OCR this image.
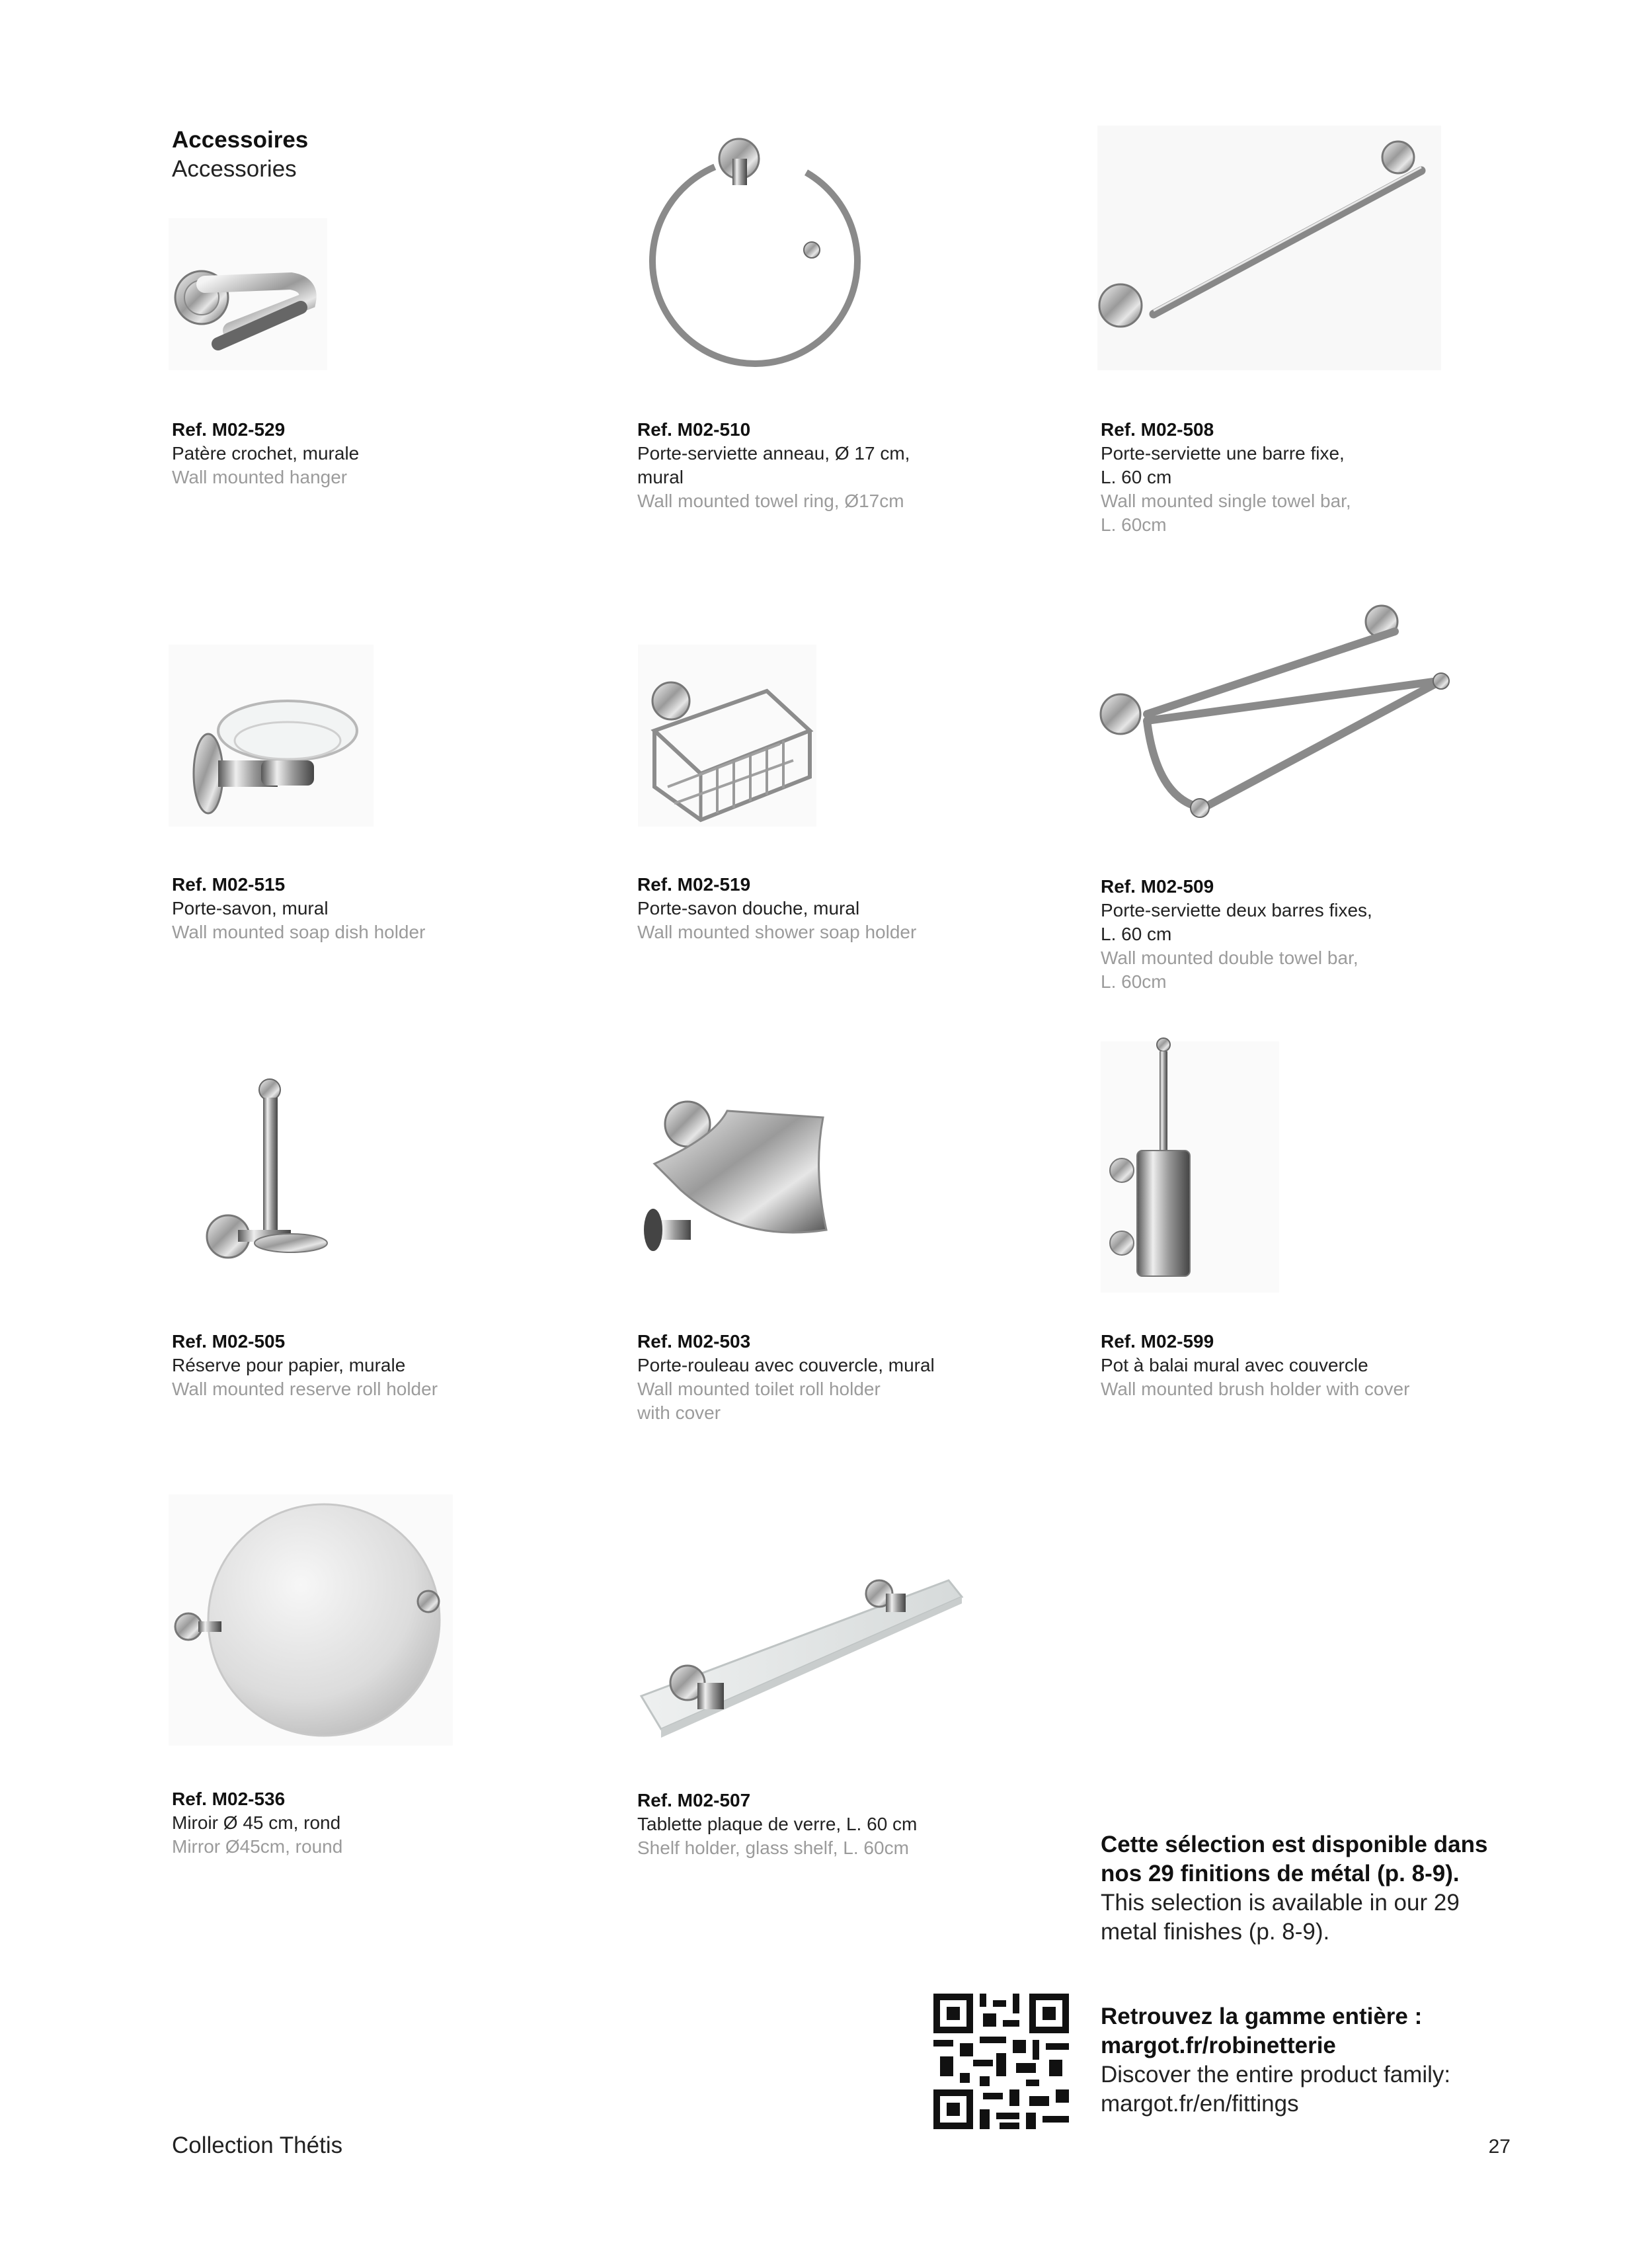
Accessoires
Accessories
Ref. M02-529
Patère crochet, murale
Wall mounted hanger
Ref. M02-510
Porte-serviette anneau, Ø 17 cm,
mural
Wall mounted towel ring, Ø17cm
Ref. M02-508
Porte-serviette une barre fixe,
L. 60 cm
Wall mounted single towel bar,
L. 60cm
Ref. M02-515
Porte-savon, mural
Wall mounted soap dish holder
Ref. M02-519
Porte-savon douche, mural
Wall mounted shower soap holder
Ref. M02-509
Porte-serviette deux barres fixes,
L. 60 cm
Wall mounted double towel bar,
L. 60cm
Ref. M02-505
Réserve pour papier, murale
Wall mounted reserve roll holder
Ref. M02-503
Porte-rouleau avec couvercle, mural
Wall mounted toilet roll holder
with cover
Ref. M02-599
Pot à balai mural avec couvercle
Wall mounted brush holder with cover
Ref. M02-536
Miroir Ø 45 cm, rond
Mirror Ø45cm, round
Ref. M02-507
Tablette plaque de verre, L. 60 cm
Shelf holder, glass shelf, L. 60cm	Cette sélection est disponible dans
nos 29 finitions de métal (p. 8-9).
This selection is available in our 29
metal finishes (p. 8-9).
Retrouvez la gamme entière :
margot.fr/robinetterie
Discover the entire product family:
margot.fr/en/fittings
Collection Thétis	27
